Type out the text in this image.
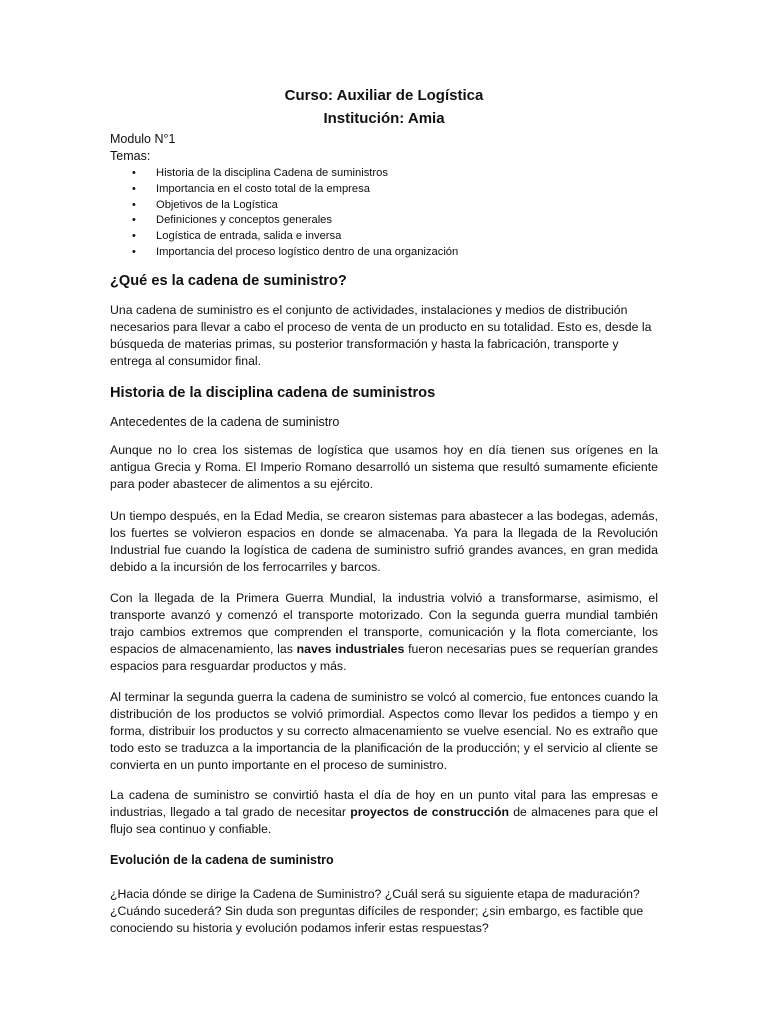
Curso: Auxiliar de Logística

Institución: Amia

Modulo N°1

Temas:

• Historia de la disciplina Cadena de suministros
• Importancia en el costo total de la empresa
• Objetivos de la Logística
• Definiciones y conceptos generales
• Logística de entrada, salida e inversa
• Importancia del proceso logístico dentro de una organización
¿Qué es la cadena de suministro?

Una cadena de suministro es el conjunto de actividades, instalaciones y medios de distribución necesarios para llevar a cabo el proceso de venta de un producto en su totalidad. Esto es, desde la búsqueda de materias primas, su posterior transformación y hasta la fabricación, transporte y entrega al consumidor final.

Historia de la disciplina cadena de suministros

Antecedentes de la cadena de suministro

Aunque no lo crea los sistemas de logística que usamos hoy en día tienen sus orígenes en la antigua Grecia y Roma. El Imperio Romano desarrolló un sistema que resultó sumamente eficiente para poder abastecer de alimentos a su ejército.

Un tiempo después, en la Edad Media, se crearon sistemas para abastecer a las bodegas, además, los fuertes se volvieron espacios en donde se almacenaba. Ya para la llegada de la Revolución Industrial fue cuando la logística de cadena de suministro sufrió grandes avances, en gran medida debido a la incursión de los ferrocarriles y barcos.

Con la llegada de la Primera Guerra Mundial, la industria volvió a transformarse, asimismo, el transporte avanzó y comenzó el transporte motorizado. Con la segunda guerra mundial también trajo cambios extremos que comprenden el transporte, comunicación y la flota comerciante, los espacios de almacenamiento, las naves industriales fueron necesarias pues se requerían grandes espacios para resguardar productos y más.

Al terminar la segunda guerra la cadena de suministro se volcó al comercio, fue entonces cuando la distribución de los productos se volvió primordial. Aspectos como llevar los pedidos a tiempo y en forma, distribuir los productos y su correcto almacenamiento se vuelve esencial. No es extraño que todo esto se traduzca a la importancia de la planificación de la producción; y el servicio al cliente se convierta en un punto importante en el proceso de suministro.

La cadena de suministro se convirtió hasta el día de hoy en un punto vital para las empresas e industrias, llegado a tal grado de necesitar proyectos de construcción de almacenes para que el flujo sea continuo y confiable.

Evolución de la cadena de suministro

¿Hacia dónde se dirige la Cadena de Suministro? ¿Cuál será su siguiente etapa de maduración? ¿Cuándo sucederá? Sin duda son preguntas difíciles de responder; ¿sin embargo, es factible que conociendo su historia y evolución podamos inferir estas respuestas?
